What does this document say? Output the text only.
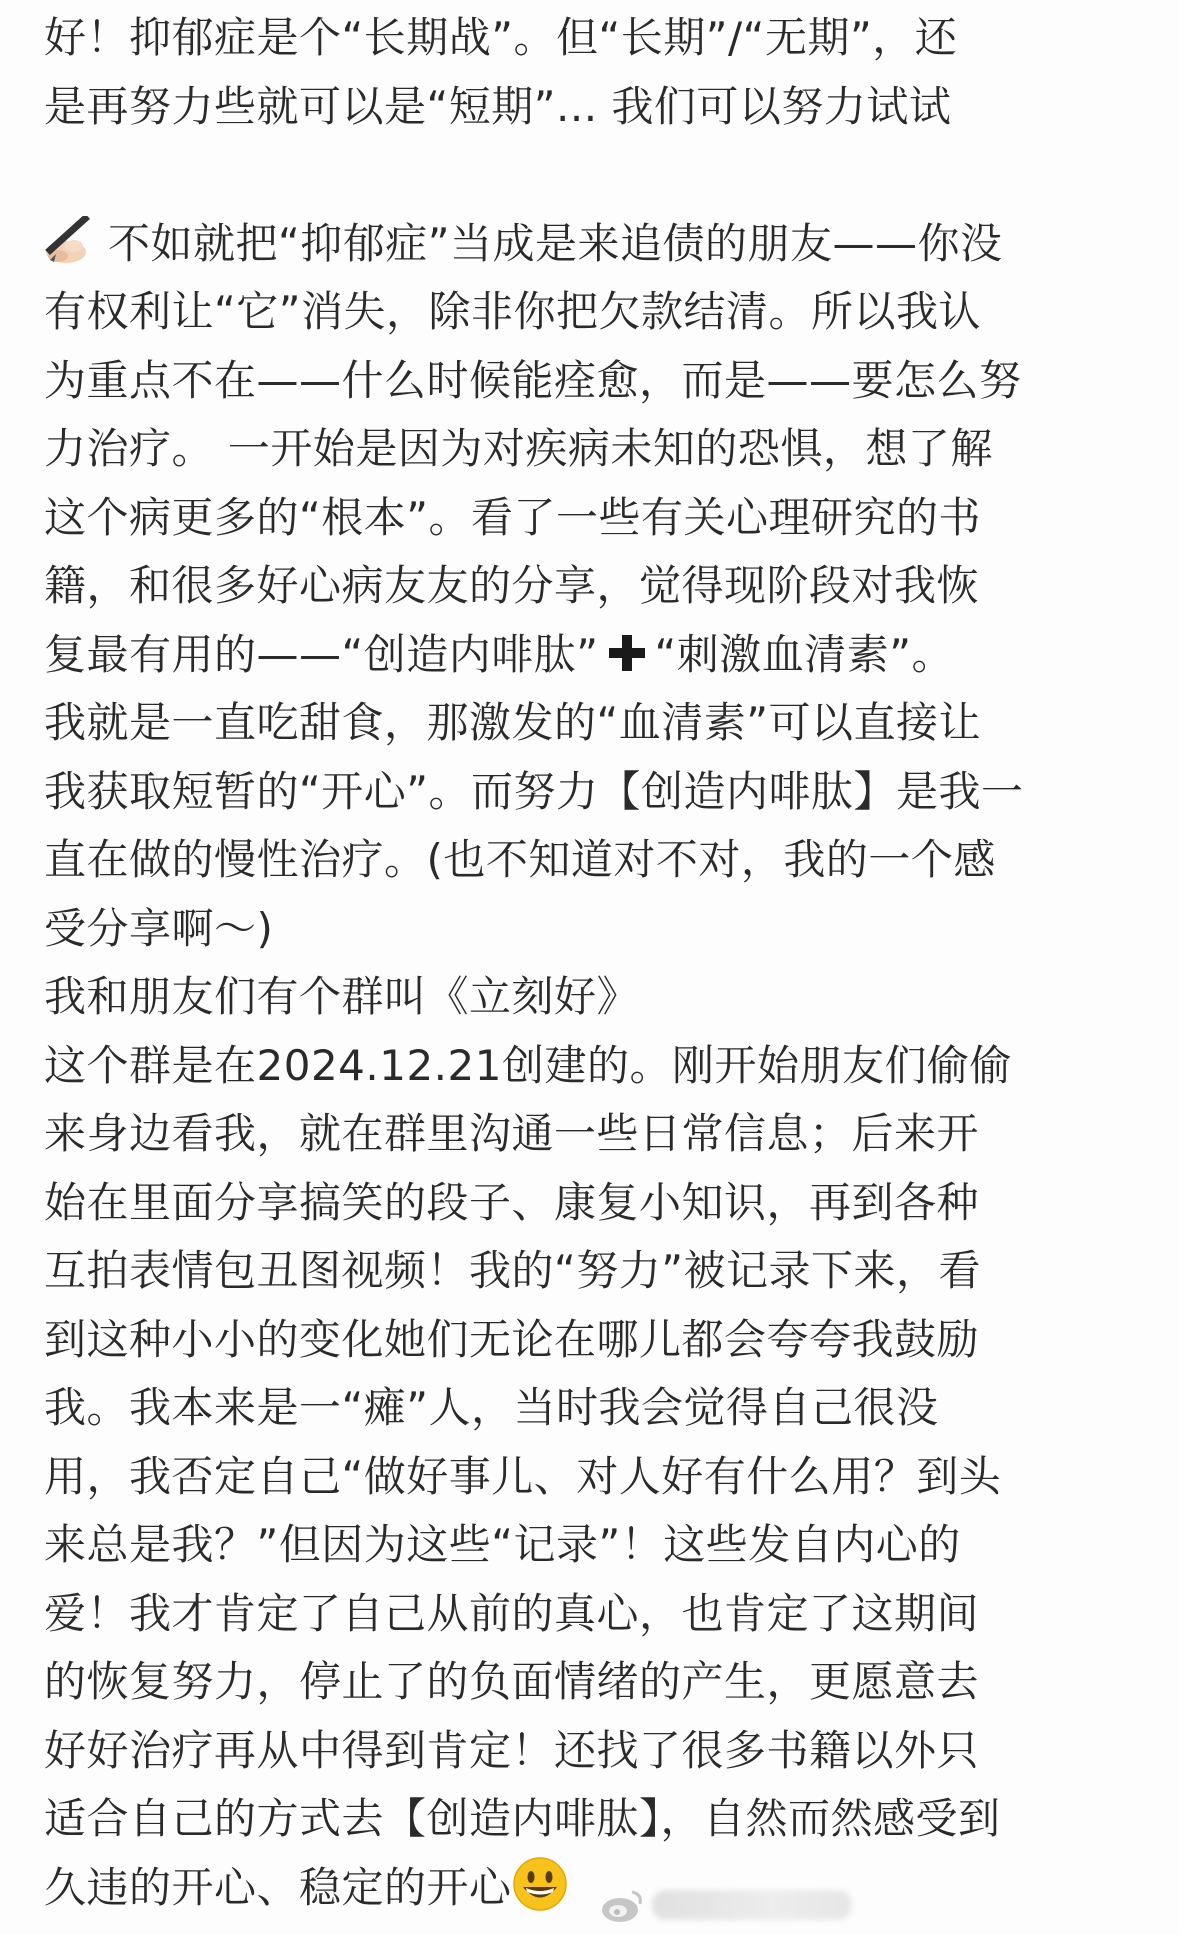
好！抑郁症是个“长期战”。但“长期”/“无期”，还
是再努力些就可以是“短期”... 我们可以努力试试
不如就把“抑郁症”当成是来追债的朋友——你没
有权利让“它”消失，除非你把欠款结清。所以我认
为重点不在——什么时候能痊愈，而是——要怎么努
力治疗。 一开始是因为对疾病未知的恐惧，想了解
这个病更多的“根本”。看了一些有关心理研究的书
籍，和很多好心病友友的分享，觉得现阶段对我恢
复最有用的——“创造内啡肽” “刺激血清素”。
我就是一直吃甜食，那激发的“血清素”可以直接让
我获取短暂的“开心”。而努力【创造内啡肽】是我一
直在做的慢性治疗。(也不知道对不对，我的一个感
受分享啊～)
我和朋友们有个群叫《立刻好》
这个群是在2024.12.21创建的。刚开始朋友们偷偷
来身边看我，就在群里沟通一些日常信息；后来开
始在里面分享搞笑的段子、康复小知识，再到各种
互拍表情包丑图视频！我的“努力”被记录下来，看
到这种小小的变化她们无论在哪儿都会夸夸我鼓励
我。我本来是一“瘫”人，当时我会觉得自己很没
用，我否定自己“做好事儿、对人好有什么用？到头
来总是我？”但因为这些“记录”！这些发自内心的
爱！我才肯定了自己从前的真心，也肯定了这期间
的恢复努力，停止了的负面情绪的产生，更愿意去
好好治疗再从中得到肯定！还找了很多书籍以外只
适合自己的方式去【创造内啡肽】，自然而然感受到
久违的开心、稳定的开心
